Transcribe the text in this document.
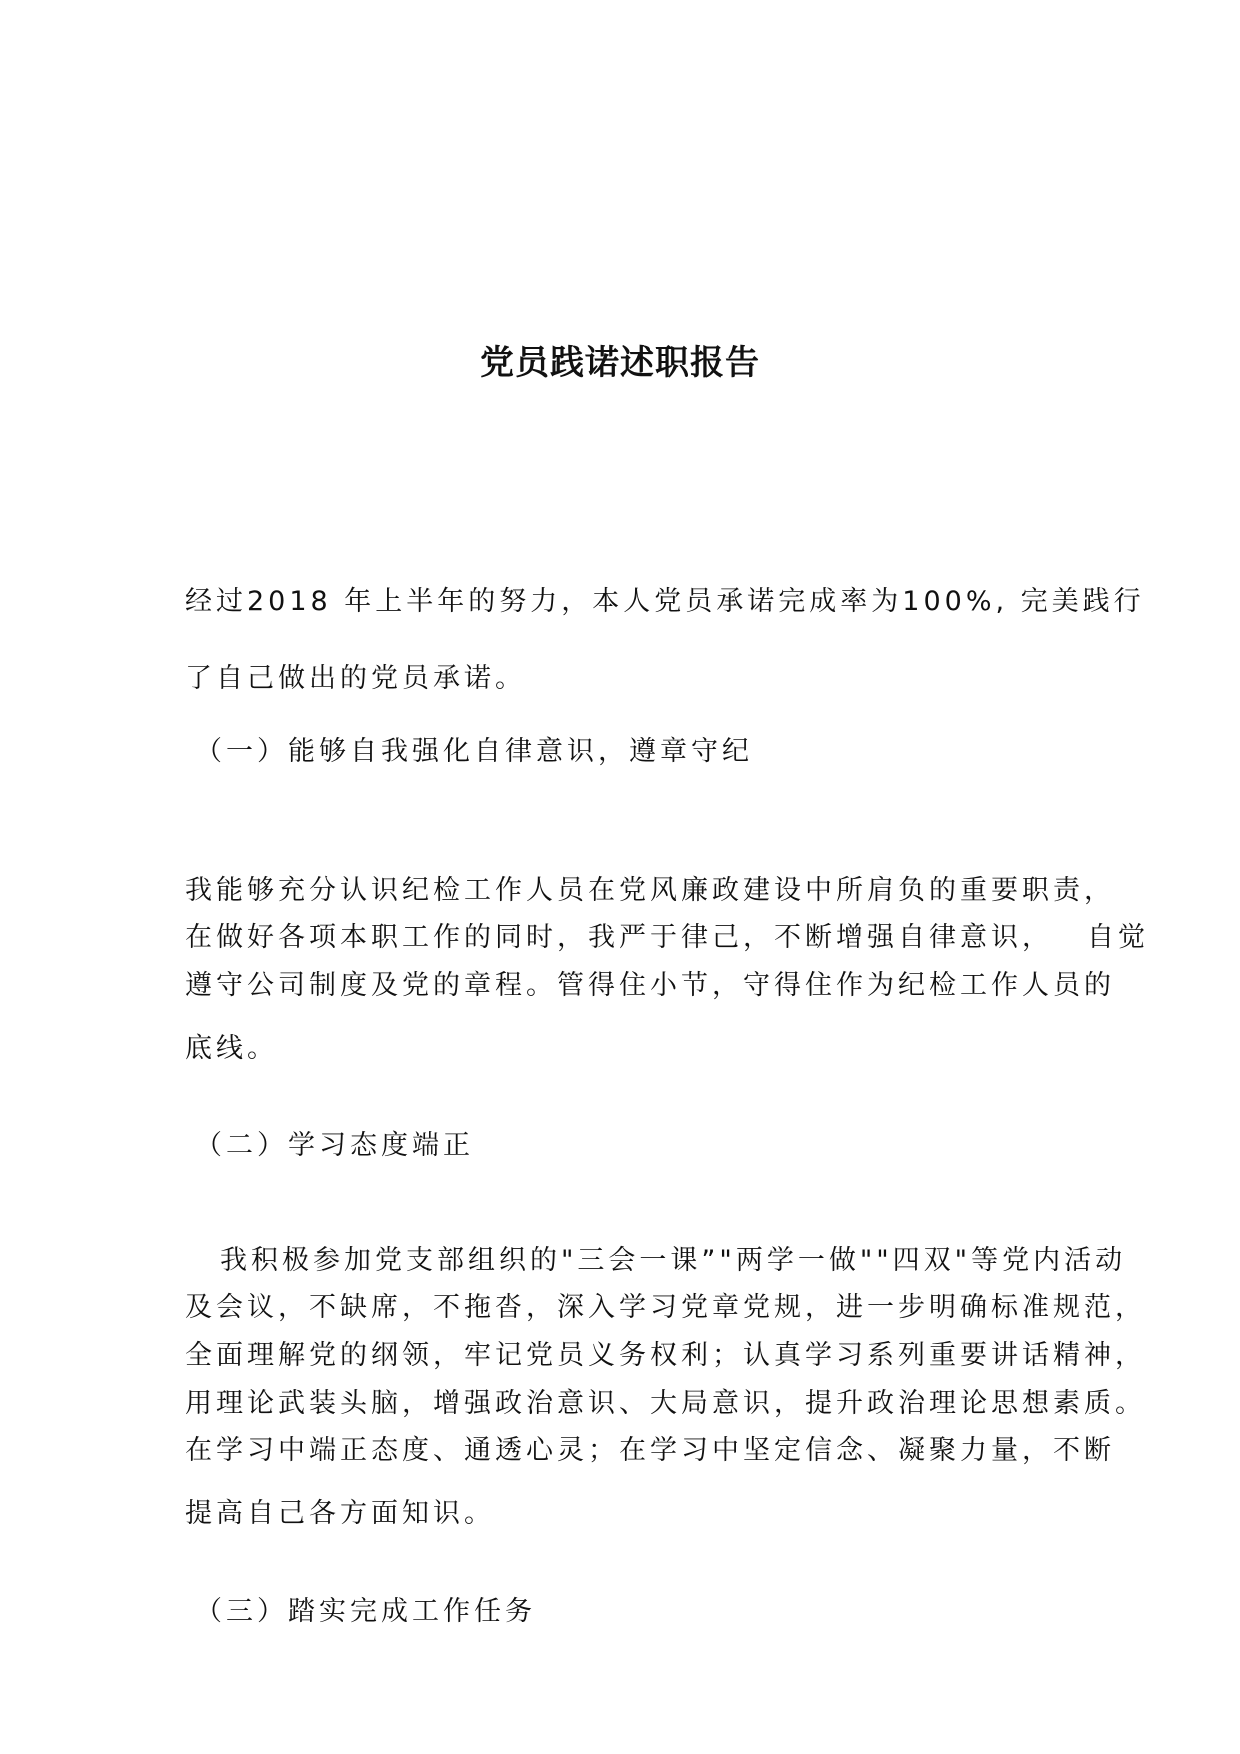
党员践诺述职报告

经过2018 年上半年的努力，本人党员承诺完成率为100%, 完美践行

了自己做出的党员承诺。

（一）能够自我强化自律意识，遵章守纪

我能够充分认识纪检工作人员在党风廉政建设中所肩负的重要职责，

在做好各项本职工作的同时，我严于律己，不断增强自律意识， 自觉

遵守公司制度及党的章程。管得住小节，守得住作为纪检工作人员的

底线。

（二）学习态度端正

我积极参加党支部组织的"三会一课”"两学一做""四双"等党内活动

及会议，不缺席，不拖沓，深入学习党章党规，进一步明确标准规范，

全面理解党的纲领，牢记党员义务权利；认真学习系列重要讲话精神，

用理论武装头脑，增强政治意识、大局意识，提升政治理论思想素质。

在学习中端正态度、通透心灵；在学习中坚定信念、凝聚力量，不断

提高自己各方面知识。

（三）踏实完成工作任务
